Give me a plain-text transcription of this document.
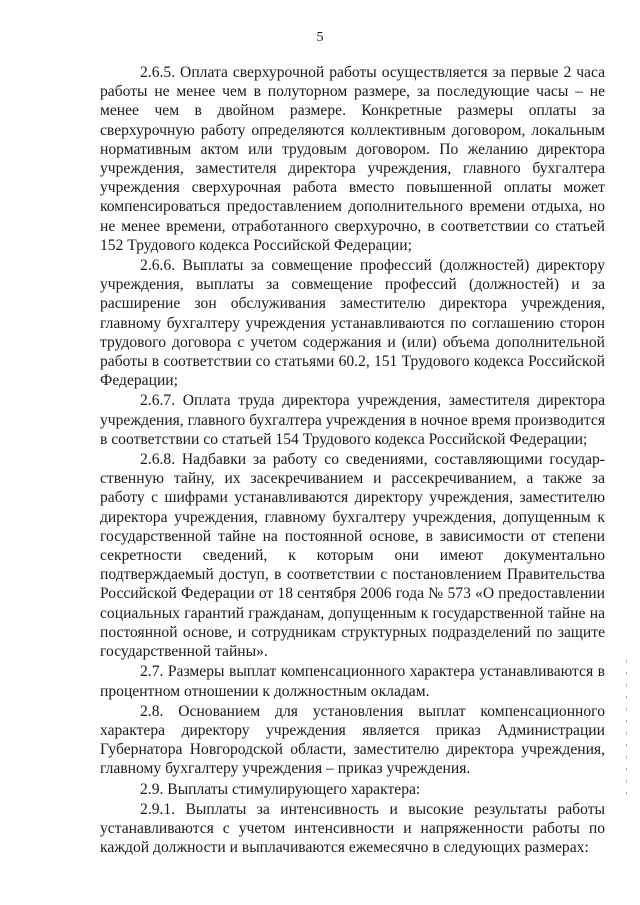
5

2.6.5. Оплата сверхурочной работы осуществляется за первые 2 часа работы не менее чем в полуторном размере, за последующие часы – не менее чем в двойном размере. Конкретные размеры оплаты за сверхурочную работу определяются коллективным договором, локальным нормативным актом или трудовым договором. По желанию директора учреждения, заместителя директора учреждения, главного бухгалтера учреждения сверхурочная работа вместо повышенной оплаты может компенсироваться предоставлением дополнительного времени отдыха, но не менее времени, отработанного сверхурочно, в соответствии со статьей 152 Трудового кодекса Российской Федерации;

2.6.6. Выплаты за совмещение профессий (должностей) директору учреждения, выплаты за совмещение профессий (должностей) и за расширение зон обслуживания заместителю директора учреждения, главному бухгалтеру учреждения устанавливаются по соглашению сторон трудового договора с учетом содержания и (или) объема дополнительной работы в соответствии со статьями 60.2, 151 Трудового кодекса Российской Федерации;

2.6.7. Оплата труда директора учреждения, заместителя директора учреждения, главного бухгалтера учреждения в ночное время производится в соответствии со статьей 154 Трудового кодекса Российской Федерации;

2.6.8. Надбавки за работу со сведениями, составляющими государственную тайну, их засекречиванием и рассекречиванием, а также за работу с шифрами устанавливаются директору учреждения, заместителю директора учреждения, главному бухгалтеру учреждения, допущенным к государственной тайне на постоянной основе, в зависимости от степени секретности сведений, к которым они имеют документально подтверждаемый доступ, в соответствии с постановлением Правительства Российской Федерации от 18 сентября 2006 года № 573 «О предоставлении социальных гарантий гражданам, допущенным к государственной тайне на постоянной основе, и сотрудникам структурных подразделений по защите государственной тайны».

2.7. Размеры выплат компенсационного характера устанавливаются в процентном отношении к должностным окладам.

2.8. Основанием для установления выплат компенсационного характера директору учреждения является приказ Администрации Губернатора Новгородской области, заместителю директора учреждения, главному бухгалтеру учреждения – приказ учреждения.

2.9. Выплаты стимулирующего характера:

2.9.1. Выплаты за интенсивность и высокие результаты работы устанавливаются с учетом интенсивности и напряженности работы по каждой должности и выплачиваются ежемесячно в следующих размерах:
